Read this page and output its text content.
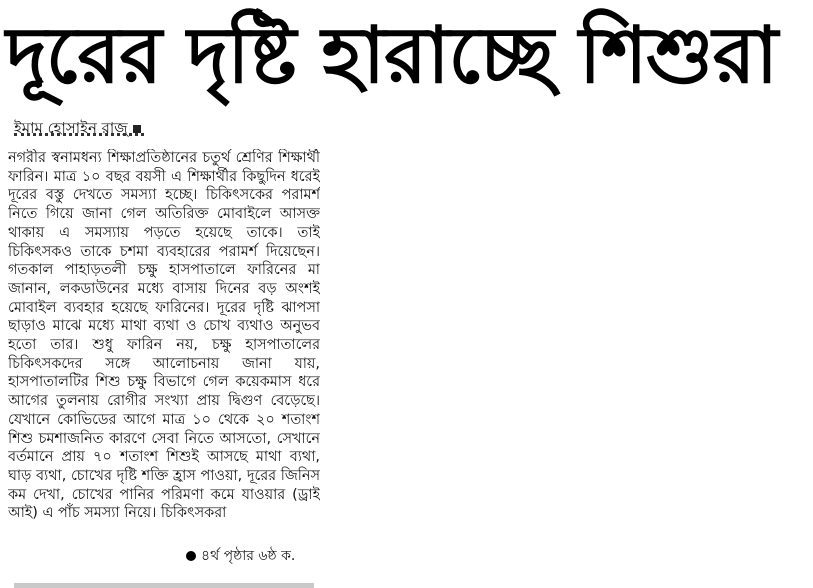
দূরের দৃষ্টি হারাচ্ছে শিশুরা
ইমাম হোসাইন রাজু
নগরীর স্বনামধন্য শিক্ষাপ্রতিষ্ঠানের চতুর্থ শ্রেণির শিক্ষার্থী ফারিন। মাত্র ১০ বছর বয়সী এ শিক্ষার্থীর কিছুদিন ধরেই দূরের বস্তু দেখতে সমস্যা হচ্ছে। চিকিৎসকের পরামর্শ নিতে গিয়ে জানা গেল অতিরিক্ত মোবাইলে আসক্ত থাকায় এ সমস্যায় পড়তে হয়েছে তাকে। তাই চিকিৎসকও তাকে চশমা ব্যবহারের পরামর্শ দিয়েছেন। গতকাল পাহাড়তলী চক্ষু হাসপাতালে ফারিনের মা জানান, লকডাউনের মধ্যে বাসায় দিনের বড় অংশই মোবাইল ব্যবহার হয়েছে ফারিনের। দূরের দৃষ্টি ঝাপসা ছাড়াও মাঝে মধ্যে মাথা ব্যথা ও চোখ ব্যথাও অনুভব হতো তার। শুধু ফারিন নয়, চক্ষু হাসপাতালের চিকিৎসকদের সঙ্গে আলোচনায় জানা যায়, হাসপাতালটির শিশু চক্ষু বিভাগে গেল কয়েকমাস ধরে আগের তুলনায় রোগীর সংখ্যা প্রায় দ্বিগুণ বেড়েছে। যেখানে কোভিডের আগে মাত্র ১০ থেকে ২০ শতাংশ শিশু চমশাজনিত কারণে সেবা নিতে আসতো, সেখানে বর্তমানে প্রায় ৭০ শতাংশ শিশুই আসছে মাথা ব্যথা, ঘাড় ব্যথা, চোখের দৃষ্টি শক্তি হ্রাস পাওয়া, দূরের জিনিস কম দেখা, চোখের পানির পরিমণা কমে যাওয়ার (ড্রাই আই) এ পাঁচ সমস্যা নিয়ে। চিকিৎসকরা
৪র্থ পৃষ্ঠার ৬ষ্ঠ ক.
